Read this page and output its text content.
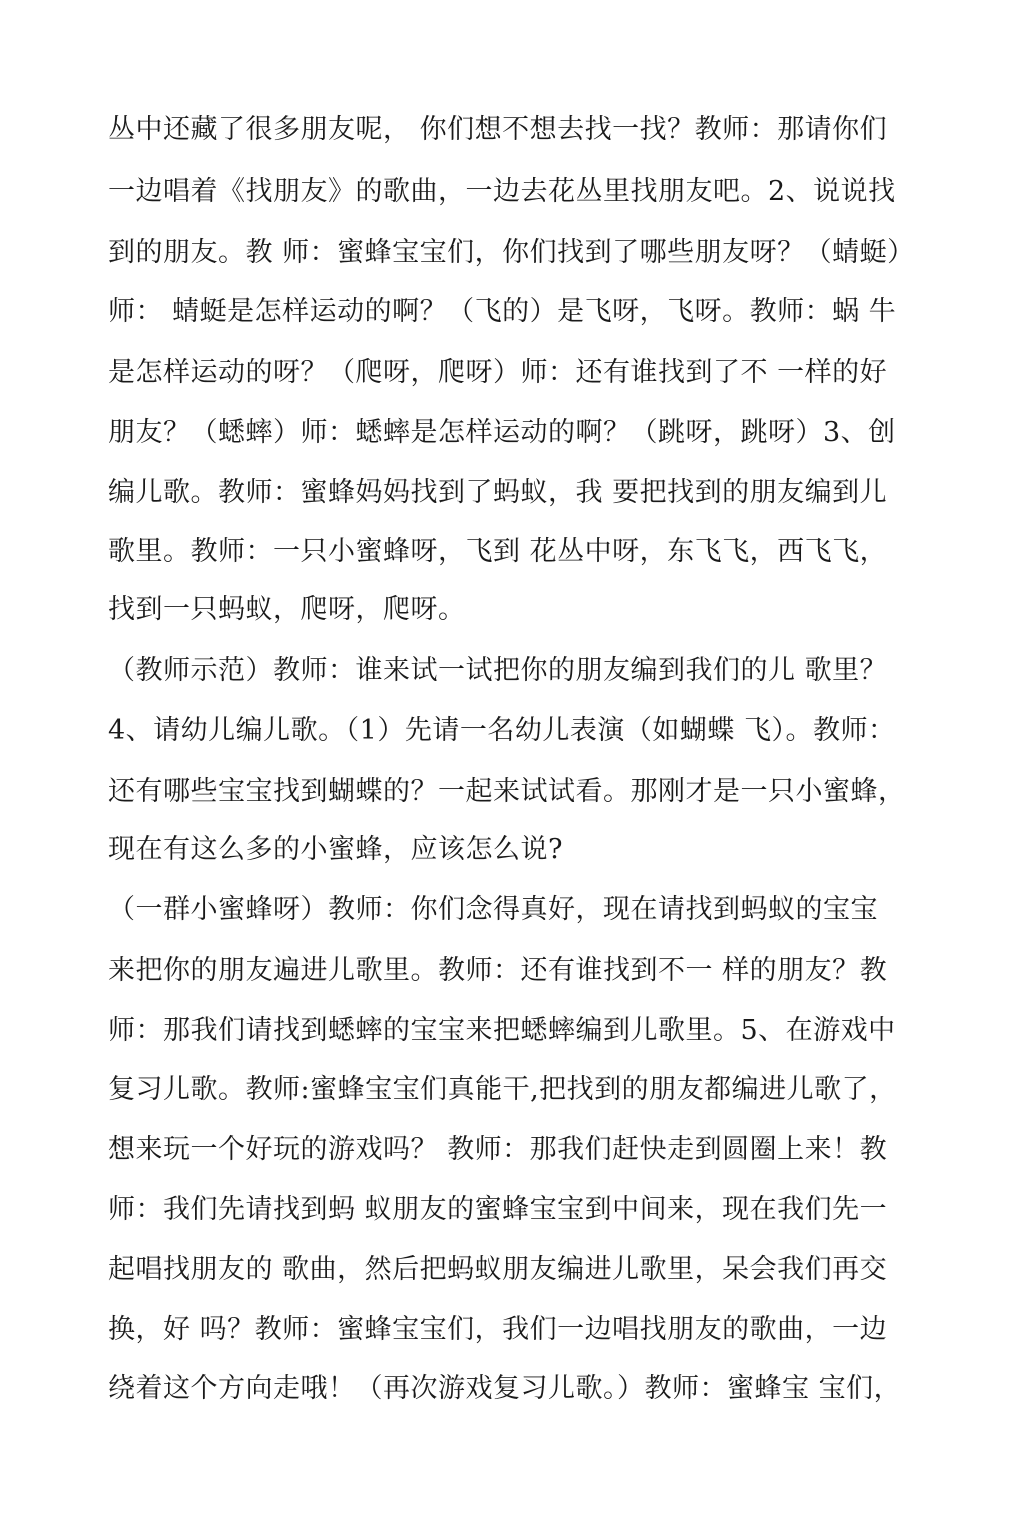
丛中还藏了很多朋友呢， 你们想不想去找一找？教师：那请你们
一边唱着《找朋友》的歌曲，一边去花丛里找朋友吧。2、说说找
到的朋友。教 师：蜜蜂宝宝们，你们找到了哪些朋友呀？（蜻蜓）
师： 蜻蜓是怎样运动的啊？（飞的）是飞呀，飞呀。教师：蜗 牛
是怎样运动的呀？（爬呀，爬呀）师：还有谁找到了不 一样的好
朋友？（蟋蟀）师：蟋蟀是怎样运动的啊？（跳呀，跳呀）3、创
编儿歌。教师：蜜蜂妈妈找到了蚂蚁，我 要把找到的朋友编到儿
歌里。教师：一只小蜜蜂呀，飞到 花丛中呀，东飞飞，西飞飞，
找到一只蚂蚁，爬呀，爬呀。
（教师示范）教师：谁来试一试把你的朋友编到我们的儿 歌里？
4、请幼儿编儿歌。（1）先请一名幼儿表演（如蝴蝶 飞）。教师：
还有哪些宝宝找到蝴蝶的？一起来试试看。那刚才是一只小蜜蜂，
现在有这么多的小蜜蜂，应该怎么说?
（一群小蜜蜂呀）教师：你们念得真好，现在请找到蚂蚁的宝宝
来把你的朋友遍进儿歌里。教师：还有谁找到不一 样的朋友？教
师：那我们请找到蟋蟀的宝宝来把蟋蟀编到儿歌里。5、在游戏中
复习儿歌。教师:蜜蜂宝宝们真能干,把找到的朋友都编进儿歌了，
想来玩一个好玩的游戏吗？ 教师：那我们赶快走到圆圈上来！教
师：我们先请找到蚂 蚁朋友的蜜蜂宝宝到中间来，现在我们先一
起唱找朋友的 歌曲，然后把蚂蚁朋友编进儿歌里，呆会我们再交
换，好 吗？教师：蜜蜂宝宝们，我们一边唱找朋友的歌曲，一边
绕着这个方向走哦！（再次游戏复习儿歌。）教师：蜜蜂宝 宝们，
